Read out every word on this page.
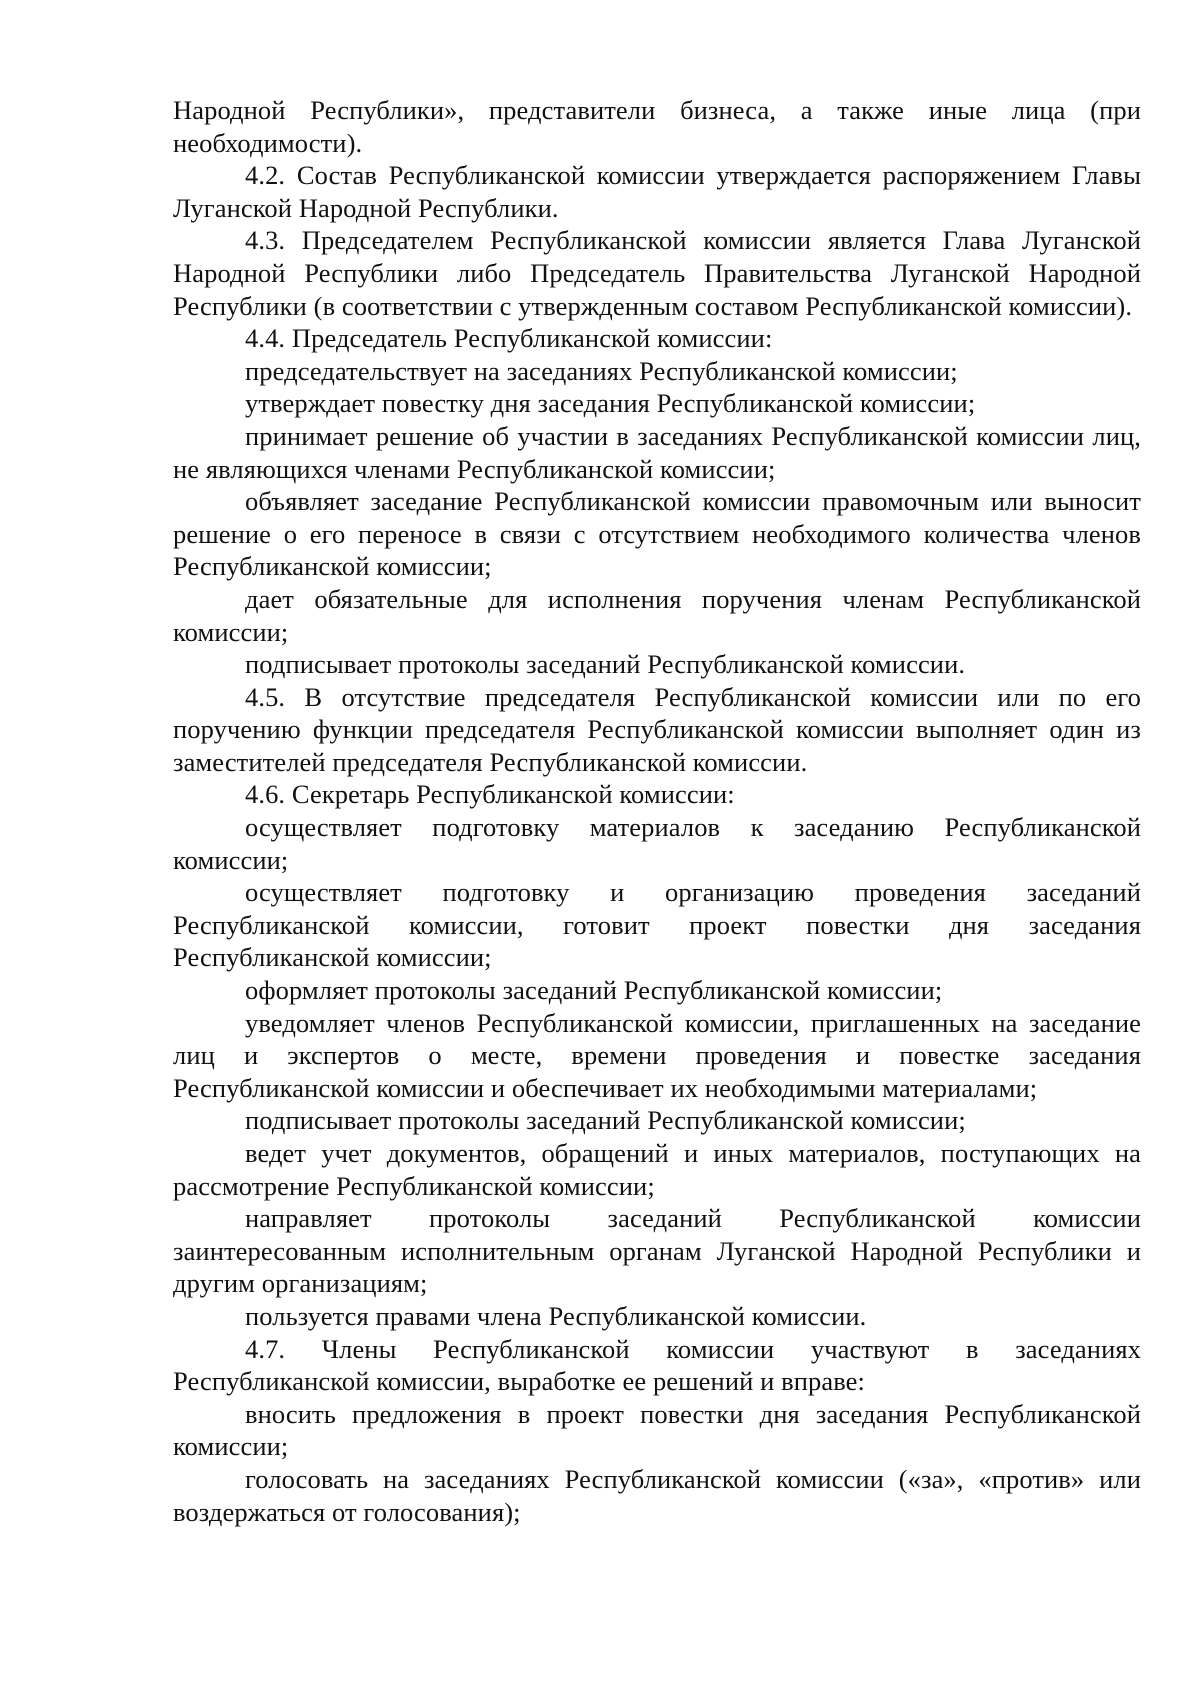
Народной Республики», представители бизнеса, а также иные лица (при необходимости).

4.2. Состав Республиканской комиссии утверждается распоряжением Главы Луганской Народной Республики.

4.3. Председателем Республиканской комиссии является Глава Луганской Народной Республики либо Председатель Правительства Луганской Народной Республики (в соответствии с утвержденным составом Республиканской комиссии).

4.4. Председатель Республиканской комиссии:

председательствует на заседаниях Республиканской комиссии;

утверждает повестку дня заседания Республиканской комиссии;

принимает решение об участии в заседаниях Республиканской комиссии лиц, не являющихся членами Республиканской комиссии;

объявляет заседание Республиканской комиссии правомочным или выносит решение о его переносе в связи с отсутствием необходимого количества членов Республиканской комиссии;

дает обязательные для исполнения поручения членам Республиканской комиссии;

подписывает протоколы заседаний Республиканской комиссии.

4.5. В отсутствие председателя Республиканской комиссии или по его поручению функции председателя Республиканской комиссии выполняет один из заместителей председателя Республиканской комиссии.

4.6. Секретарь Республиканской комиссии:

осуществляет подготовку материалов к заседанию Республиканской комиссии;

осуществляет подготовку и организацию проведения заседаний Республиканской комиссии, готовит проект повестки дня заседания Республиканской комиссии;

оформляет протоколы заседаний Республиканской комиссии;

уведомляет членов Республиканской комиссии, приглашенных на заседание лиц и экспертов о месте, времени проведения и повестке заседания Республиканской комиссии и обеспечивает их необходимыми материалами;

подписывает протоколы заседаний Республиканской комиссии;

ведет учет документов, обращений и иных материалов, поступающих на рассмотрение Республиканской комиссии;

направляет протоколы заседаний Республиканской комиссии заинтересованным исполнительным органам Луганской Народной Республики и другим организациям;

пользуется правами члена Республиканской комиссии.

4.7. Члены Республиканской комиссии участвуют в заседаниях Республиканской комиссии, выработке ее решений и вправе:

вносить предложения в проект повестки дня заседания Республиканской комиссии;

голосовать на заседаниях Республиканской комиссии («за», «против» или воздержаться от голосования);
